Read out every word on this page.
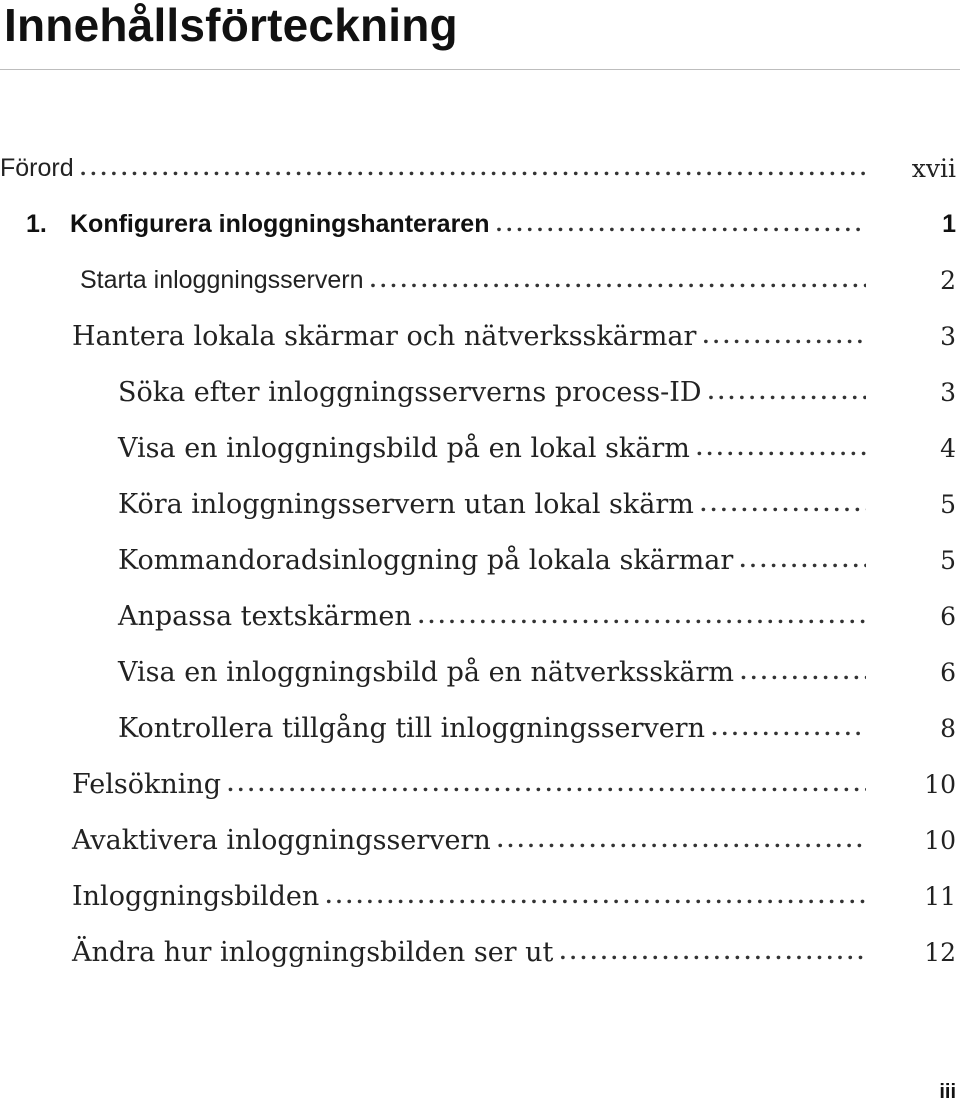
Innehållsförteckning
Förord .....	xvii
1. Konfigurera inloggningshanteraren .....	1
Starta inloggningsservern .....	2
Hantera lokala skärmar och nätverksskärmar .....	3
Söka efter inloggningsserverns process-ID .....	3
Visa en inloggningsbild på en lokal skärm .....	4
Köra inloggningsservern utan lokal skärm .....	5
Kommandoradsinloggning på lokala skärmar .....	5
Anpassa textskärmen .....	6
Visa en inloggningsbild på en nätverksskärm .....	6
Kontrollera tillgång till inloggningsservern .....	8
Felsökning .....	10
Avaktivera inloggningsservern .....	10
Inloggningsbilden .....	11
Ändra hur inloggningsbilden ser ut .....	12
iii
